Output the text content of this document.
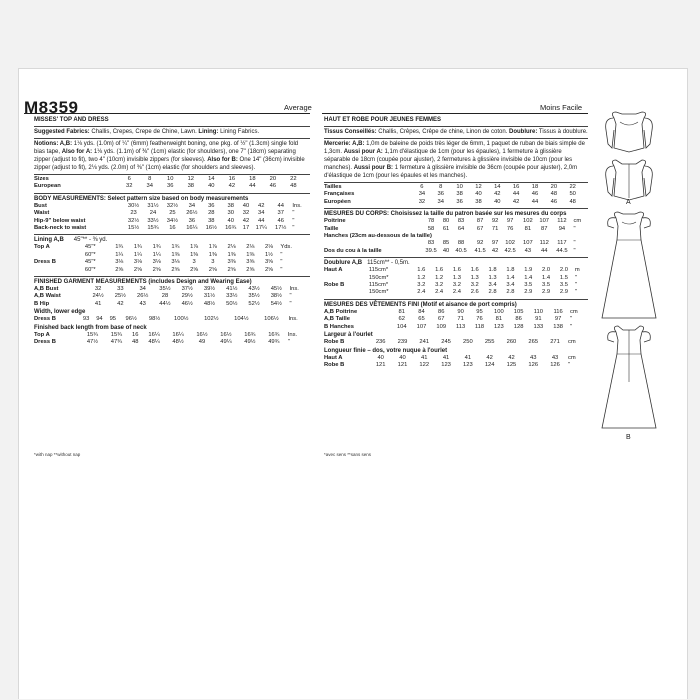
M8359	Average	Moins Facile

MISSES' TOP AND DRESS

Suggested Fabrics: Challis, Crepes, Crepe de Chine, Lawn. Lining: Lining Fabrics.

Notions: A,B: 1⅛ yds. (1.0m) of ¼" (6mm) featherweight boning, one pkg. of ½" (1.3cm) single fold bias tape, Also for A: 1⅛ yds. (1.1m) of ⅜" (1cm) elastic (for shoulders), one 7" (18cm) separating zipper (adjust to fit), two 4" (10cm) invisible zippers (for sleeves). Also for B: One 14" (36cm) invisible zipper (adjust to fit), 2⅛ yds. (2.0m) of ⅜" (1cm) elastic (for shoulders and sleeves).

Sizes	6	8	10	12	14	16	18	20	22	
European	32	34	36	38	40	42	44	46	48	

BODY MEASUREMENTS: Select pattern size based on body measurements

Bust	30½	31½	32½	34	36	38	40	42	44	Ins.
Waist	23	24	25	26½	28	30	32	34	37	"
Hip-9" below waist	32½	33½	34½	36	38	40	42	44	46	"
Back-neck to waist	15½	15¾	16	16¼	16½	16¾	17	17¼	17½	"

Lining A,B 45"** - ⅜ yd.

Top A	45"*	1¾	1¾	1¾	1¾	1⅞	1⅞	2⅛	2⅛	2⅛	Yds.
	60"*	1¼	1¼	1¼	1⅜	1⅜	1⅜	1⅜	1⅜	1½	"
Dress B	45"*	3⅛	3⅛	3⅛	3⅛	3	3	3⅜	3⅝	3⅝	"
	60"*	2⅝	2⅝	2⅝	2⅝	2⅝	2⅝	2⅝	2⅝	2⅝	"

FINISHED GARMENT MEASUREMENTS (includes Design and Wearing Ease)

A,B Bust	32	33	34	35½	37½	39½	41½	43½	45½	Ins.
A,B Waist	24½	25½	26½	28	29½	31½	33½	35½	38½	"
B Hip	41	42	43	44½	46½	48½	50½	52½	54½	"

Width, lower edge

Dress B	93	94	95	96½	98½	100½	102½	104½	106½	Ins.

Finished back length from base of neck

Top A	15¾	15¾	16	16¼	16¼	16½	16½	16¾	16¾	Ins.
Dress B	47½	47¾	48	48¼	48½	49	49¼	49½	49¾	"
*with nap **without nap

HAUT ET ROBE POUR JEUNES FEMMES

Tissus Conseillés: Challis, Crêpes, Crêpe de chine, Linon de coton. Doublure: Tissus à doublure.

Mercerie: A,B: 1,0m de baleine de poids très léger de 6mm, 1 paquet de ruban de biais simple de 1,3cm. Aussi pour A: 1,1m d'élastique de 1cm (pour les épaules), 1 fermeture à glissière séparable de 18cm (coupée pour ajuster), 2 fermetures à glissière invisible de 10cm (pour les manches). Aussi pour B: 1 fermeture à glissière invisible de 36cm (coupée pour ajuster), 2,0m d'élastique de 1cm (pour les épaules et les manches).

Tailles	6	8	10	12	14	16	18	20	22	
Françaises	34	36	38	40	42	44	46	48	50	
Européen	32	34	36	38	40	42	44	46	48	

MESURES DU CORPS: Choisissez la taille du patron basée sur les mesures du corps

Poitrine	78	80	83	87	92	97	102	107	112	cm
Taille	58	61	64	67	71	76	81	87	94	"
Hanches (23cm au-dessous de la taille)										
	83	85	88	92	97	102	107	112	117	"
Dos du cou à la taille	39.5	40	40.5	41.5	42	42.5	43	44	44.5	"

Doublure A,B 115cm** - 0,5m.

Haut A	115cm*	1.6	1.6	1.6	1.6	1.8	1.8	1.9	2.0	2.0	m
	150cm*	1.2	1.2	1.3	1.3	1.3	1.4	1.4	1.4	1.5	"
Robe B	115cm*	3.2	3.2	3.2	3.2	3.4	3.4	3.5	3.5	3.5	"
	150cm*	2.4	2.4	2.4	2.6	2.8	2.8	2.9	2.9	2.9	"

MESURES DES VÊTEMENTS FINI (Motif et aisance de port compris)

A,B Poitrine	81	84	86	90	95	100	105	110	116	cm
A,B Taille	62	65	67	71	76	81	86	91	97	"
B Hanches	104	107	109	113	118	123	128	133	138	"

Largeur à l'ourlet

Robe B	236	239	241	245	250	255	260	265	271	cm

Longueur finie – dos, votre nuque à l'ourlet

Haut A	40	40	41	41	41	42	42	43	43	cm
Robe B	121	121	122	123	123	124	125	126	126	"
*avec sens **sans sens
A
B
